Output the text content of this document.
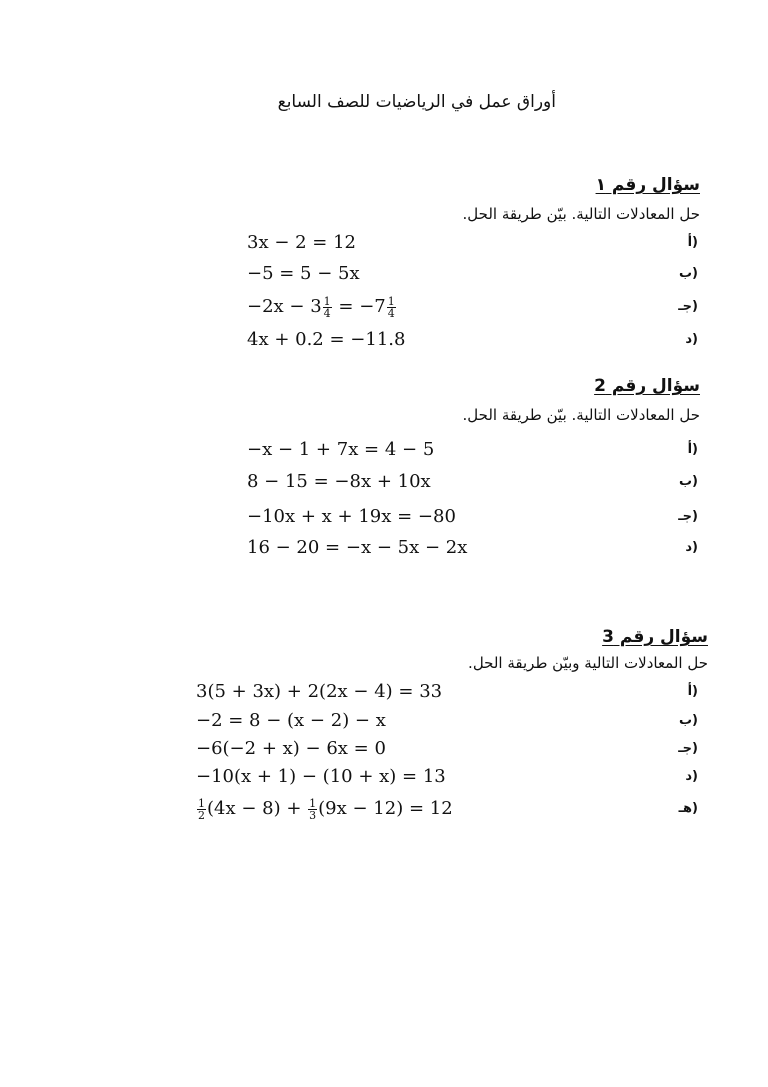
أوراق عمل في الرياضيات للصف السابع
سؤال رقم ١
حل المعادلات التالية. بيّن طريقة الحل.
3x − 2 = 12	(أ
−5 = 5 − 5x	(ب
$-2x - 3 \frac{1}{4} = -7 \frac{1}{4}$	(جـ
4x + 0.2 = −11.8	(د
سؤال رقم 2
حل المعادلات التالية. بيّن طريقة الحل.
−x − 1 + 7x = 4 − 5	(أ
8 − 15 = −8x + 10x	(ب
−10x + x + 19x = −80	(جـ
16 − 20 = −x − 5x − 2x	(د
سؤال رقم 3
حل المعادلات التالية وبيّن طريقة الحل.
3(5 + 3x) + 2(2x − 4) = 33	(أ
−2 = 8 − (x − 2) − x	(ب
−6(−2 + x) − 6x = 0	(جـ
−10(x + 1) − (10 + x) = 13	(د
$\frac{1}{2} (4x - 8) + \frac{1}{3} (9x - 12) = 12$	(هـ
